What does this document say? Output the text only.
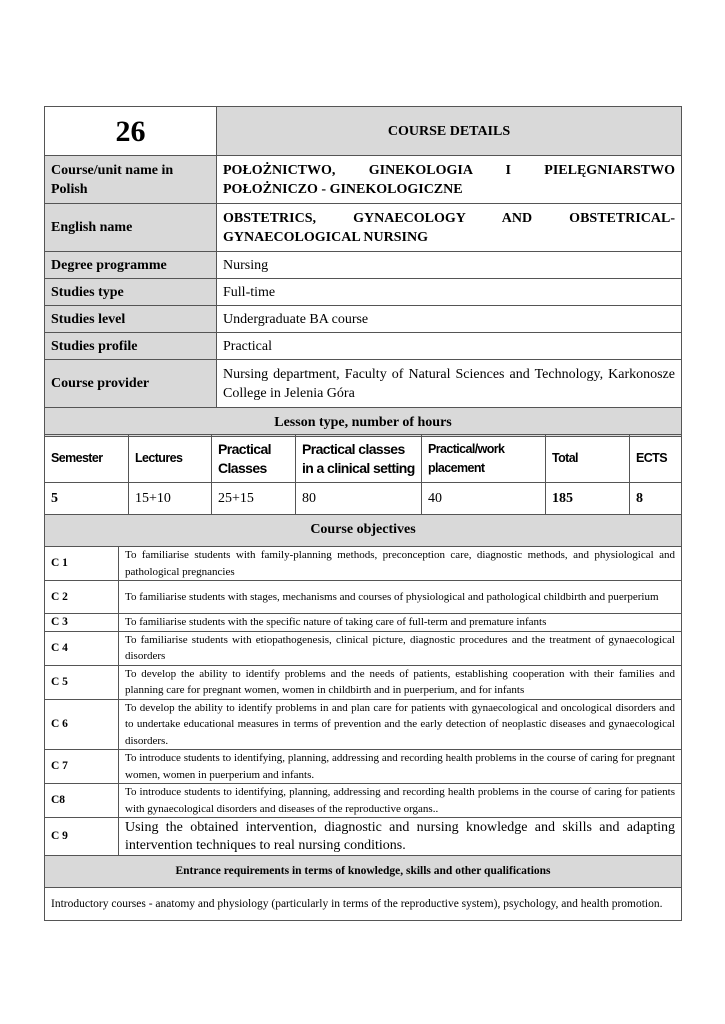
26	COURSE DETAILS
Course/unit name in Polish	POŁOŻNICTWO, GINEKOLOGIA I PIELĘGNIARSTWO POŁOŻNICZO - GINEKOLOGICZNE
English name	OBSTETRICS, GYNAECOLOGY AND OBSTETRICAL-GYNAECOLOGICAL NURSING
Degree programme	Nursing
Studies type	Full-time
Studies level	Undergraduate BA course
Studies profile	Practical
Course provider	Nursing department, Faculty of Natural Sciences and Technology, Karkonosze College in Jelenia Góra
Lesson type, number of hours	
Semester	Lectures	Practical Classes	Practical classes in a clinical setting	Practical/work placement	Total	ECTS
5	15+10	25+15	80	40	185	8
Course objectives	
C 1	To familiarise students with family-planning methods, preconception care, diagnostic methods, and physiological and pathological pregnancies
C 2	To familiarise students with stages, mechanisms and courses of physiological and pathological childbirth and puerperium
C 3	To familiarise students with the specific nature of taking care of full-term and premature infants
C 4	To familiarise students with etiopathogenesis, clinical picture, diagnostic procedures and the treatment of gynaecological disorders
C 5	To develop the ability to identify problems and the needs of patients, establishing cooperation with their families and planning care for pregnant women, women in childbirth and in puerperium, and for infants
C 6	To develop the ability to identify problems in and plan care for patients with gynaecological and oncological disorders and to undertake educational measures in terms of prevention and the early detection of neoplastic diseases and gynaecological disorders.
C 7	To introduce students to identifying, planning, addressing and recording health problems in the course of caring for pregnant women, women in puerperium and infants.
C8	To introduce students to identifying, planning, addressing and recording health problems in the course of caring for patients with gynaecological disorders and diseases of the reproductive organs..
C 9	Using the obtained intervention, diagnostic and nursing knowledge and skills and adapting intervention techniques to real nursing conditions.
Entrance requirements in terms of knowledge, skills and other qualifications	
Introductory courses - anatomy and physiology (particularly in terms of the reproductive system), psychology, and health promotion.	
